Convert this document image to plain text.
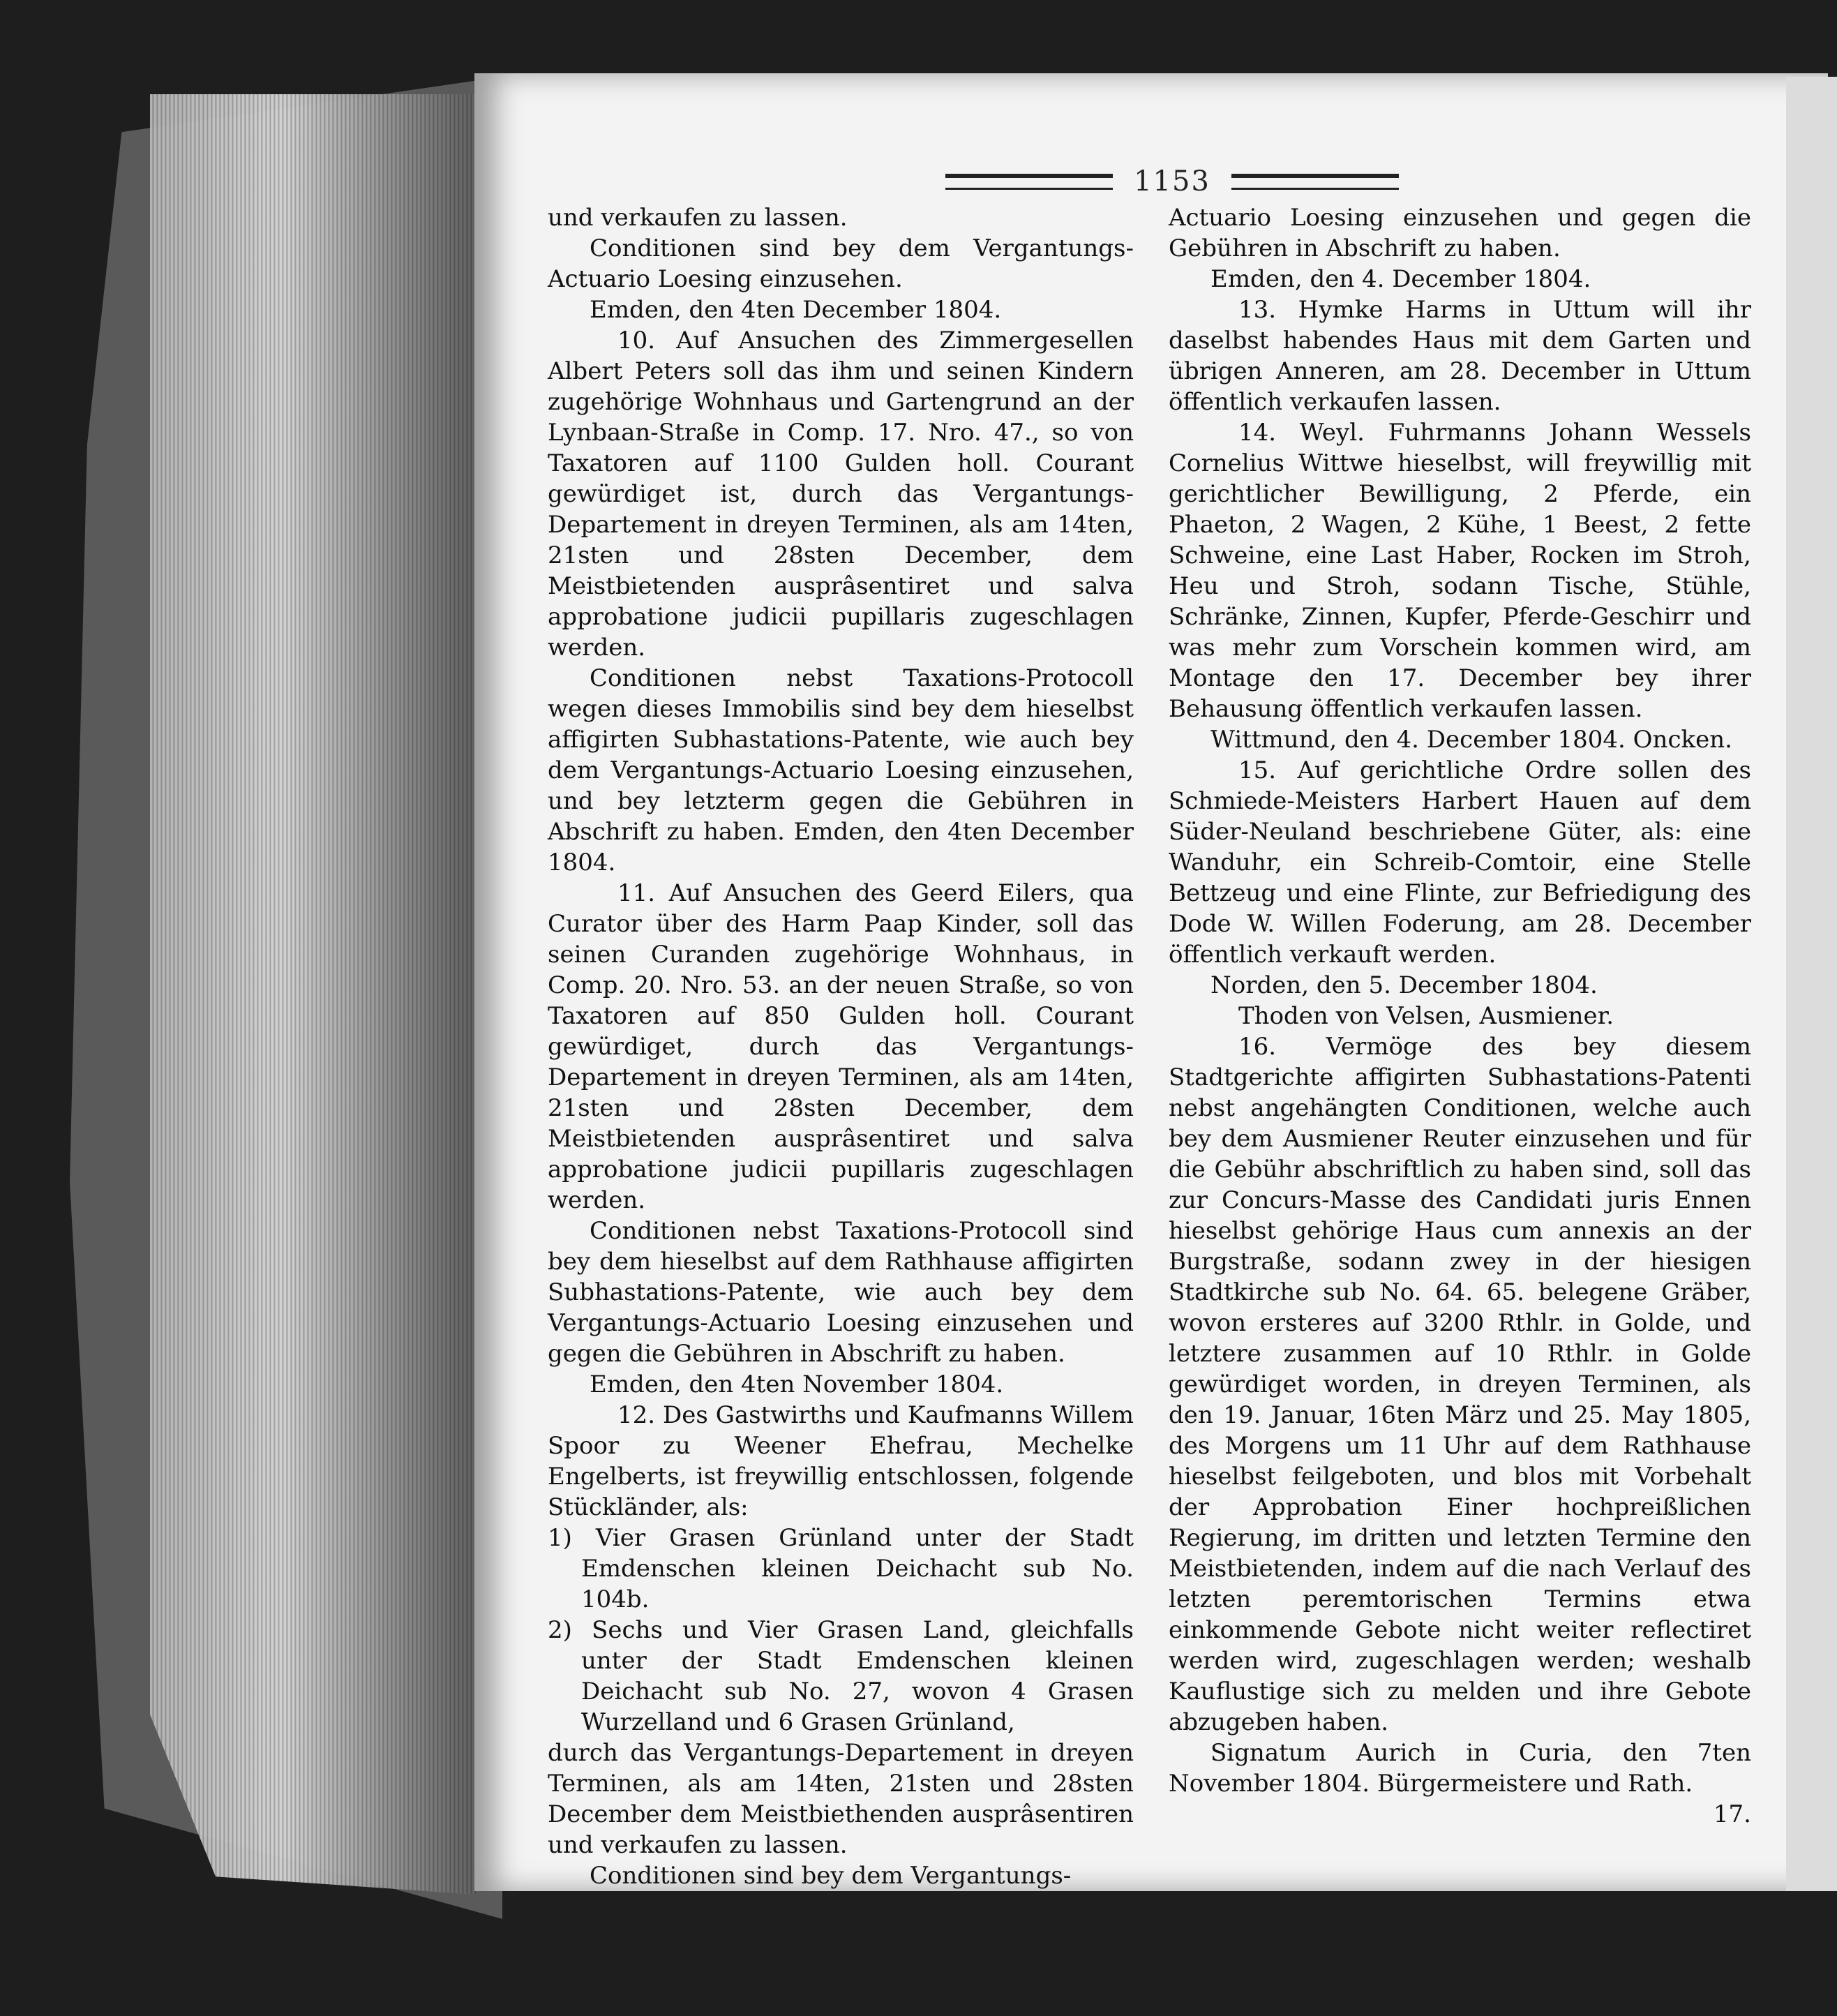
1153

und verkaufen zu lassen.

Conditionen sind bey dem Vergantungs-Actuario Loesing einzusehen.

Emden, den 4ten December 1804.

10. Auf Ansuchen des Zimmergesellen Albert Peters soll das ihm und seinen Kindern zugehörige Wohnhaus und Gartengrund an der Lynbaan-Straße in Comp. 17. Nro. 47., so von Taxatoren auf 1100 Gulden holl. Courant gewürdiget ist, durch das Vergantungs-Departement in dreyen Terminen, als am 14ten, 21sten und 28sten December, dem Meistbietenden ausprâsentiret und salva approbatione judicii pupillaris zugeschlagen werden.

Conditionen nebst Taxations-Protocoll wegen dieses Immobilis sind bey dem hieselbst affigirten Subhastations-Patente, wie auch bey dem Vergantungs-Actuario Loesing einzusehen, und bey letzterm gegen die Gebühren in Abschrift zu haben. Emden, den 4ten December 1804.

11. Auf Ansuchen des Geerd Eilers, qua Curator über des Harm Paap Kinder, soll das seinen Curanden zugehörige Wohnhaus, in Comp. 20. Nro. 53. an der neuen Straße, so von Taxatoren auf 850 Gulden holl. Courant gewürdiget, durch das Vergantungs-Departement in dreyen Terminen, als am 14ten, 21sten und 28sten December, dem Meistbietenden ausprâsentiret und salva approbatione judicii pupillaris zugeschlagen werden.

Conditionen nebst Taxations-Protocoll sind bey dem hieselbst auf dem Rathhause affigirten Subhastations-Patente, wie auch bey dem Vergantungs-Actuario Loesing einzusehen und gegen die Gebühren in Abschrift zu haben.

Emden, den 4ten November 1804.

12. Des Gastwirths und Kaufmanns Willem Spoor zu Weener Ehefrau, Mechelke Engelberts, ist freywillig entschlossen, folgende Stückländer, als:

1) Vier Grasen Grünland unter der Stadt Emdenschen kleinen Deichacht sub No. 104b.

2) Sechs und Vier Grasen Land, gleichfalls unter der Stadt Emdenschen kleinen Deichacht sub No. 27, wovon 4 Grasen Wurzelland und 6 Grasen Grünland,

durch das Vergantungs-Departement in dreyen Terminen, als am 14ten, 21sten und 28sten December dem Meistbiethenden ausprâsentiren und verkaufen zu lassen.

Conditionen sind bey dem Vergantungs-

Actuario Loesing einzusehen und gegen die Gebühren in Abschrift zu haben.

Emden, den 4. December 1804.

13. Hymke Harms in Uttum will ihr daselbst habendes Haus mit dem Garten und übrigen Anneren, am 28. December in Uttum öffentlich verkaufen lassen.

14. Weyl. Fuhrmanns Johann Wessels Cornelius Wittwe hieselbst, will freywillig mit gerichtlicher Bewilligung, 2 Pferde, ein Phaeton, 2 Wagen, 2 Kühe, 1 Beest, 2 fette Schweine, eine Last Haber, Rocken im Stroh, Heu und Stroh, sodann Tische, Stühle, Schränke, Zinnen, Kupfer, Pferde-Geschirr und was mehr zum Vorschein kommen wird, am Montage den 17. December bey ihrer Behausung öffentlich verkaufen lassen.

Wittmund, den 4. December 1804. Oncken.

15. Auf gerichtliche Ordre sollen des Schmiede-Meisters Harbert Hauen auf dem Süder-Neuland beschriebene Güter, als: eine Wanduhr, ein Schreib-Comtoir, eine Stelle Bettzeug und eine Flinte, zur Befriedigung des Dode W. Willen Foderung, am 28. December öffentlich verkauft werden.

Norden, den 5. December 1804.

Thoden von Velsen, Ausmiener.

16. Vermöge des bey diesem Stadtgerichte affigirten Subhastations-Patenti nebst angehängten Conditionen, welche auch bey dem Ausmiener Reuter einzusehen und für die Gebühr abschriftlich zu haben sind, soll das zur Concurs-Masse des Candidati juris Ennen hieselbst gehörige Haus cum annexis an der Burgstraße, sodann zwey in der hiesigen Stadtkirche sub No. 64. 65. belegene Gräber, wovon ersteres auf 3200 Rthlr. in Golde, und letztere zusammen auf 10 Rthlr. in Golde gewürdiget worden, in dreyen Terminen, als den 19. Januar, 16ten März und 25. May 1805, des Morgens um 11 Uhr auf dem Rathhause hieselbst feilgeboten, und blos mit Vorbehalt der Approbation Einer hochpreißlichen Regierung, im dritten und letzten Termine den Meistbietenden, indem auf die nach Verlauf des letzten peremtorischen Termins etwa einkommende Gebote nicht weiter reflectiret werden wird, zugeschlagen werden; weshalb Kauflustige sich zu melden und ihre Gebote abzugeben haben.

Signatum Aurich in Curia, den 7ten November 1804. Bürgermeistere und Rath.

17.
